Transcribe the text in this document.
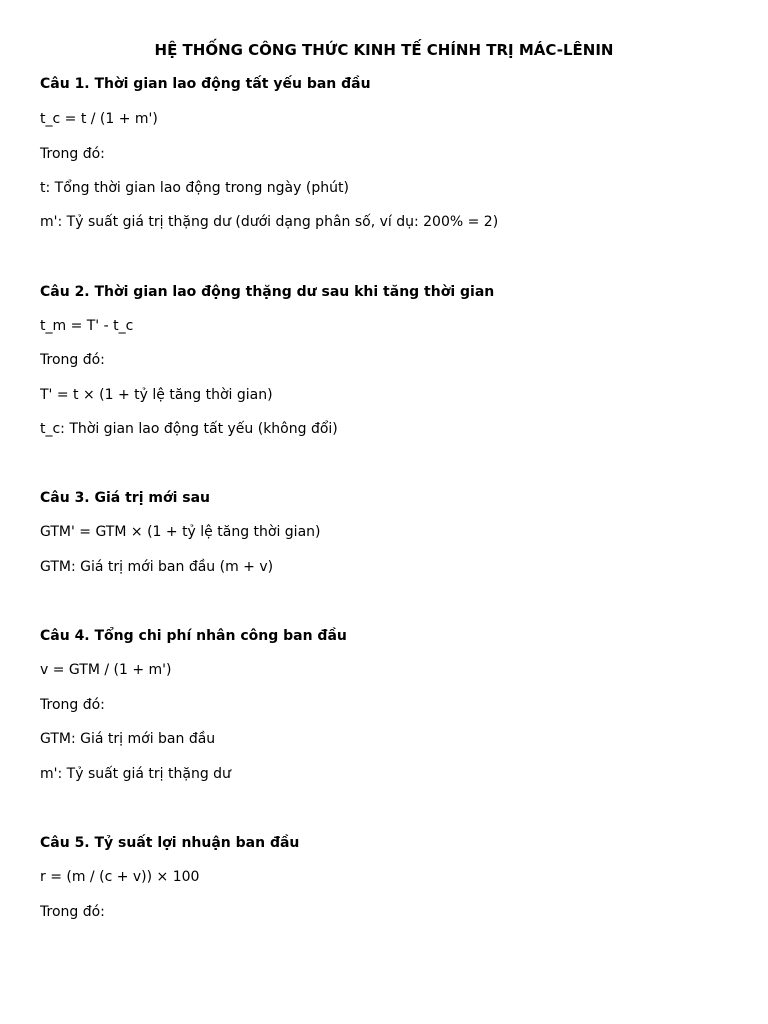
HỆ THỐNG CÔNG THỨC KINH TẾ CHÍNH TRỊ MÁC-LÊNIN

Câu 1. Thời gian lao động tất yếu ban đầu

t_c = t / (1 + m')

Trong đó:

t: Tổng thời gian lao động trong ngày (phút)

m': Tỷ suất giá trị thặng dư (dưới dạng phân số, ví dụ: 200% = 2)

Câu 2. Thời gian lao động thặng dư sau khi tăng thời gian

t_m = T' - t_c

Trong đó:

T' = t × (1 + tỷ lệ tăng thời gian)

t_c: Thời gian lao động tất yếu (không đổi)

Câu 3. Giá trị mới sau

GTM' = GTM × (1 + tỷ lệ tăng thời gian)

GTM: Giá trị mới ban đầu (m + v)

Câu 4. Tổng chi phí nhân công ban đầu

v = GTM / (1 + m')

Trong đó:

GTM: Giá trị mới ban đầu

m': Tỷ suất giá trị thặng dư

Câu 5. Tỷ suất lợi nhuận ban đầu

r = (m / (c + v)) × 100

Trong đó:
